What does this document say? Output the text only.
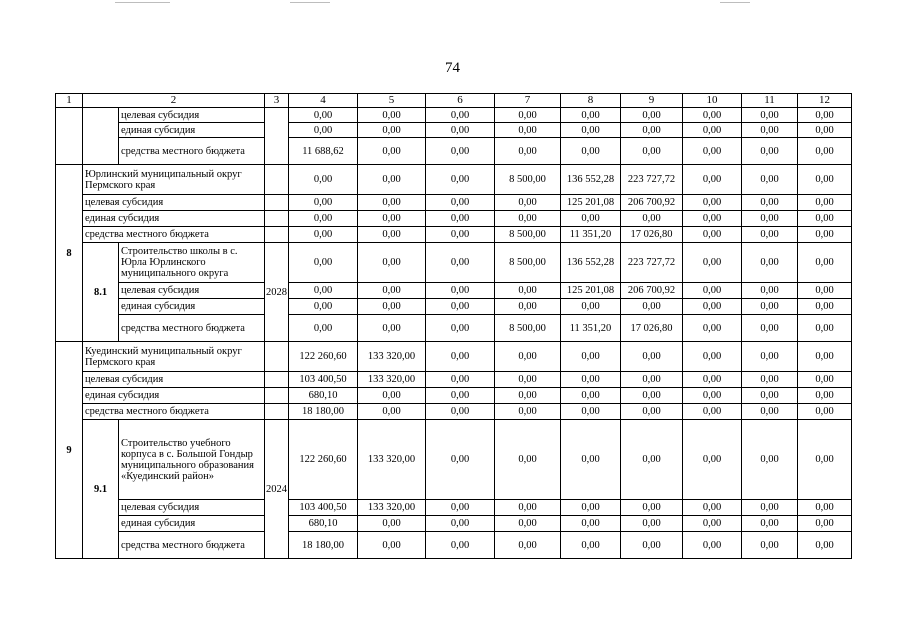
74
1	2		3	4	5	6	7	8	9	10	11	12
		целевая субсидия		0,00	0,00	0,00	0,00	0,00	0,00	0,00	0,00	0,00
		единая субсидия		0,00	0,00	0,00	0,00	0,00	0,00	0,00	0,00	0,00
		средства местного бюджета		11 688,62	0,00	0,00	0,00	0,00	0,00	0,00	0,00	0,00
8	Юрлинский муниципальный округ Пермского края			0,00	0,00	0,00	8 500,00	136 552,28	223 727,72	0,00	0,00	0,00
	целевая субсидия			0,00	0,00	0,00	0,00	125 201,08	206 700,92	0,00	0,00	0,00
	единая субсидия			0,00	0,00	0,00	0,00	0,00	0,00	0,00	0,00	0,00
	средства местного бюджета			0,00	0,00	0,00	8 500,00	11 351,20	17 026,80	0,00	0,00	0,00
	8.1	Строительство школы в с. Юрла Юрлинского муниципального округа	2028	0,00	0,00	0,00	8 500,00	136 552,28	223 727,72	0,00	0,00	0,00
		целевая субсидия		0,00	0,00	0,00	0,00	125 201,08	206 700,92	0,00	0,00	0,00
		единая субсидия		0,00	0,00	0,00	0,00	0,00	0,00	0,00	0,00	0,00
		средства местного бюджета		0,00	0,00	0,00	8 500,00	11 351,20	17 026,80	0,00	0,00	0,00
9	Куединский муниципальный округ Пермского края			122 260,60	133 320,00	0,00	0,00	0,00	0,00	0,00	0,00	0,00
	целевая субсидия			103 400,50	133 320,00	0,00	0,00	0,00	0,00	0,00	0,00	0,00
	единая субсидия			680,10	0,00	0,00	0,00	0,00	0,00	0,00	0,00	0,00
	средства местного бюджета			18 180,00	0,00	0,00	0,00	0,00	0,00	0,00	0,00	0,00
	9.1	Строительство учебного корпуса в с. Большой Гондыр муниципального образования «Куединский район»	2024	122 260,60	133 320,00	0,00	0,00	0,00	0,00	0,00	0,00	0,00
		целевая субсидия		103 400,50	133 320,00	0,00	0,00	0,00	0,00	0,00	0,00	0,00
		единая субсидия		680,10	0,00	0,00	0,00	0,00	0,00	0,00	0,00	0,00
		средства местного бюджета		18 180,00	0,00	0,00	0,00	0,00	0,00	0,00	0,00	0,00
